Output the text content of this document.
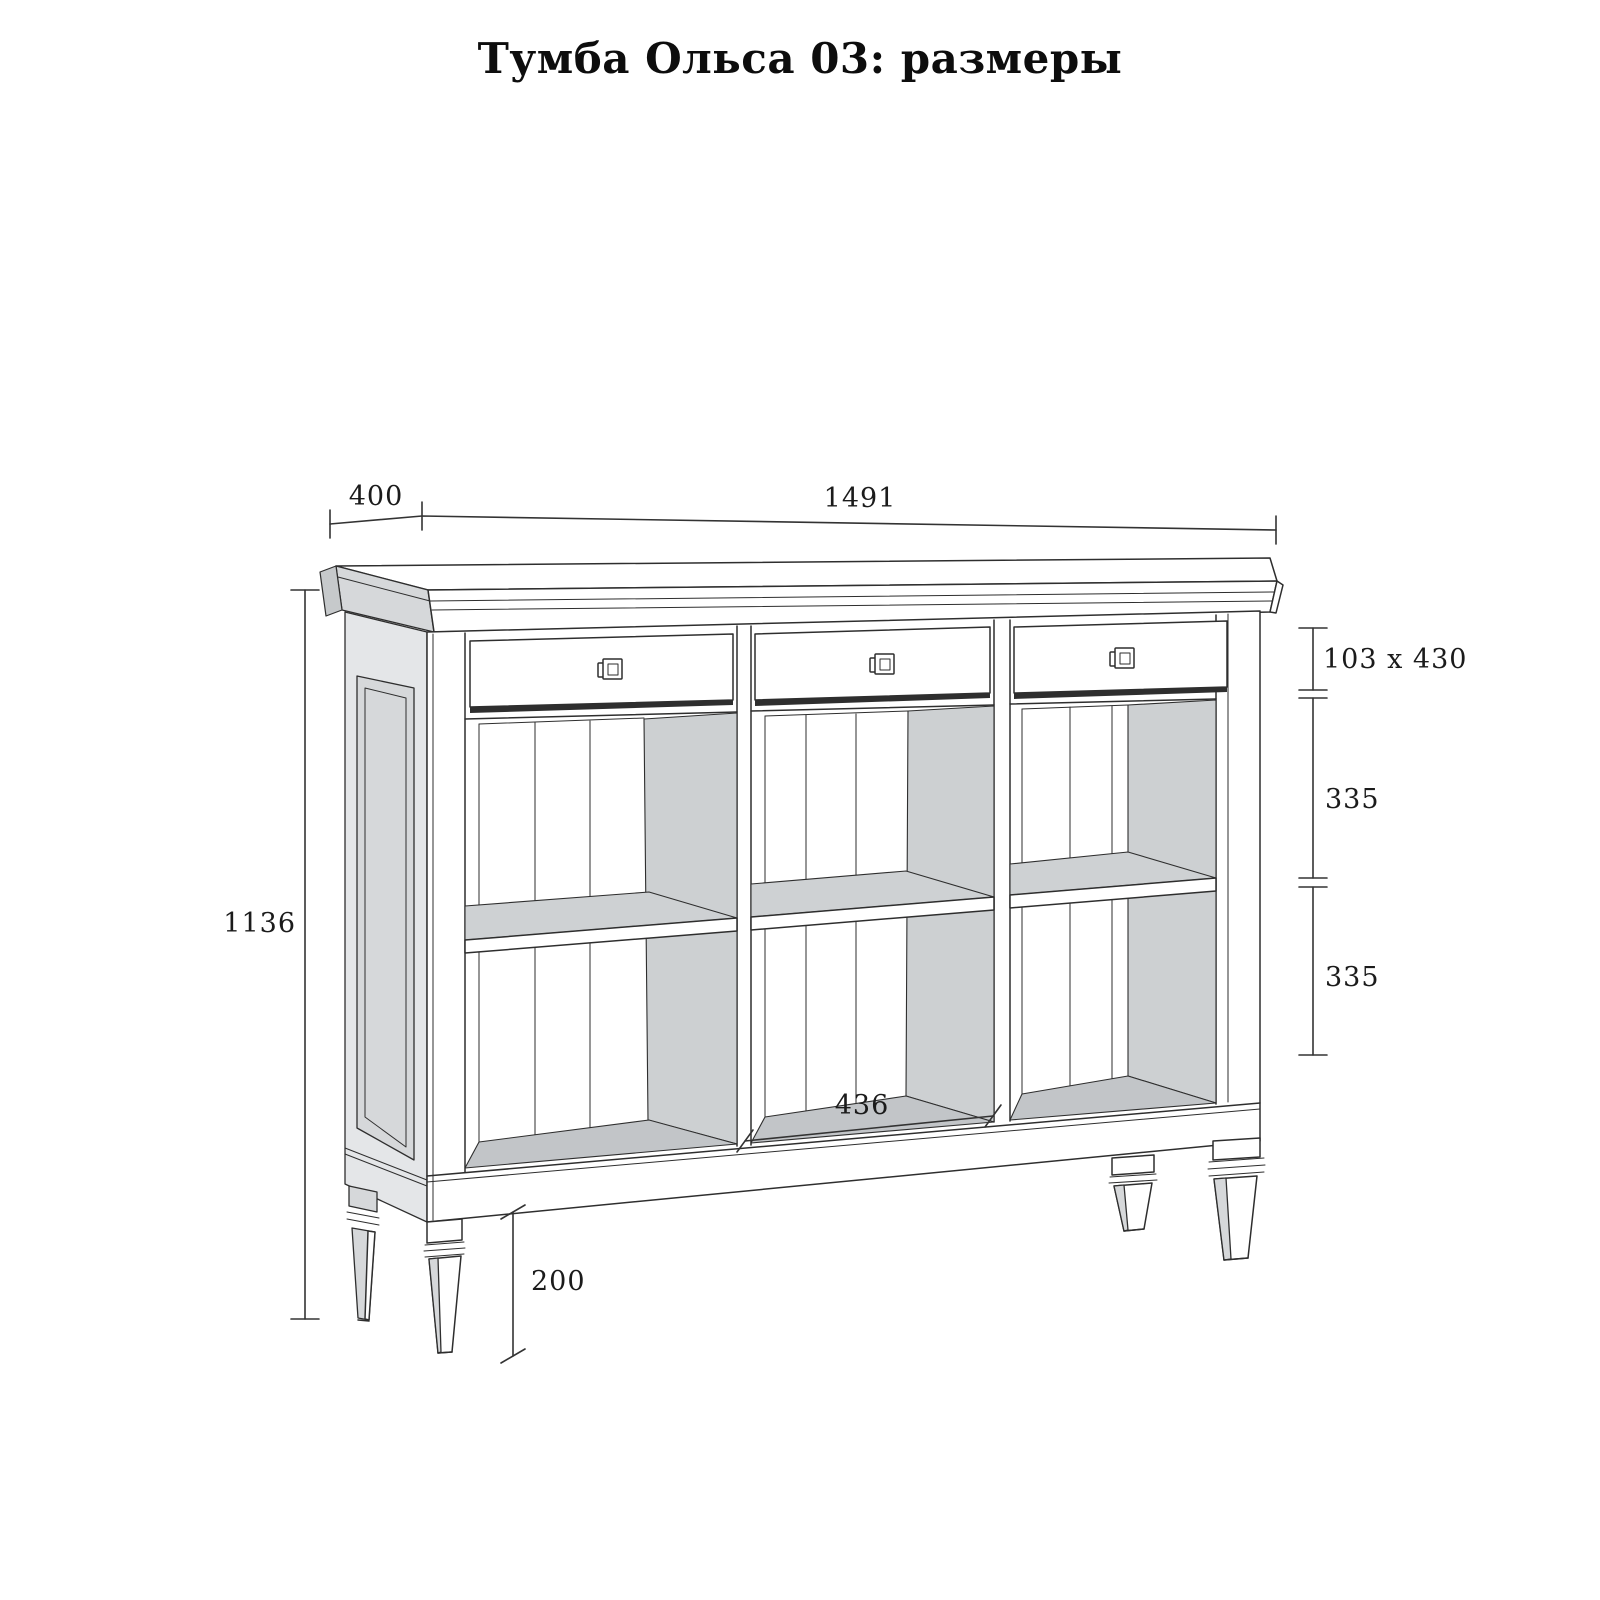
Тумба Ольса 03: размеры
400	1491
1136
103 x 430
335
335
436
200
